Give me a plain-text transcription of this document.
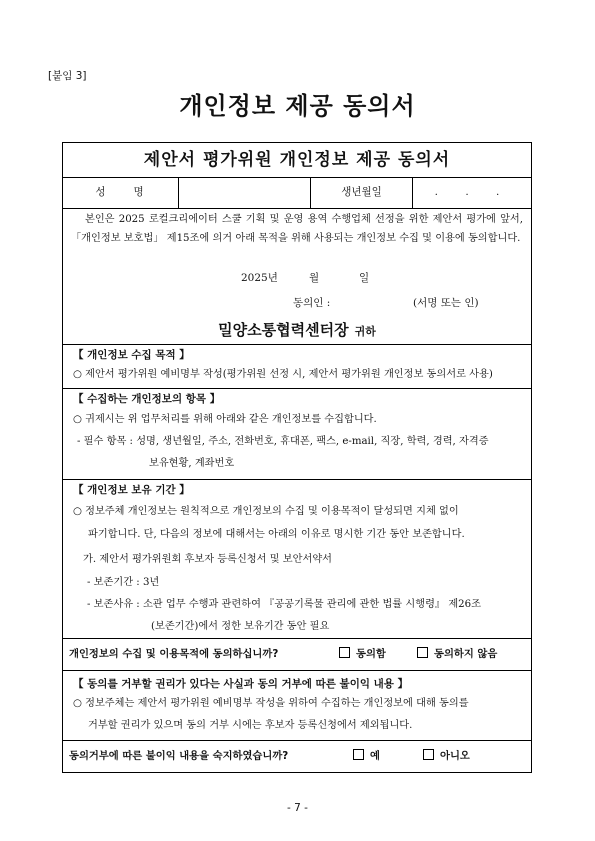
[붙임 3]
개인정보 제공 동의서
제안서 평가위원 개인정보 제공 동의서
성명	생년월일	. . .
본인은 2025 로컬크리에이터 스쿨 기획 및 운영 용역 수행업체 선정을 위한 제안서 평가에 앞서, 「개인정보 보호법」 제15조에 의거 아래 목적을 위해 사용되는 개인정보 수집 및 이용에 동의합니다.
2025년	월	일
동의인 :	(서명 또는 인)
밀양소통협력센터장 귀하
【 개인정보 수집 목적 】
○ 제안서 평가위원 예비명부 작성(평가위원 선정 시, 제안서 평가위원 개인정보 동의서로 사용)
【 수집하는 개인정보의 항목 】
○ 귀제시는 위 업무처리를 위해 아래와 같은 개인정보를 수집합니다.
- 필수 항목 : 성명, 생년월일, 주소, 전화번호, 휴대폰, 팩스, e-mail, 직장, 학력, 경력, 자격증
보유현황, 계좌번호
【 개인정보 보유 기간 】
○ 정보주체 개인정보는 원칙적으로 개인정보의 수집 및 이용목적이 달성되면 지체 없이
파기합니다. 단, 다음의 정보에 대해서는 아래의 이유로 명시한 기간 동안 보존합니다.
가. 제안서 평가위원회 후보자 등록신청서 및 보안서약서
- 보존기간 : 3년
- 보존사유 : 소관 업무 수행과 관련하여 『공공기록물 관리에 관한 법률 시행령』 제26조
(보존기간)에서 정한 보유기간 동안 필요
개인정보의 수집 및 이용목적에 동의하십니까?	동의함	동의하지 않음
【 동의를 거부할 권리가 있다는 사실과 동의 거부에 따른 불이익 내용 】
○ 정보주체는 제안서 평가위원 예비명부 작성을 위하여 수집하는 개인정보에 대해 동의를
거부할 권리가 있으며 동의 거부 시에는 후보자 등록신청에서 제외됩니다.
동의거부에 따른 불이익 내용을 숙지하였습니까?	예	아니오
- 7 -
